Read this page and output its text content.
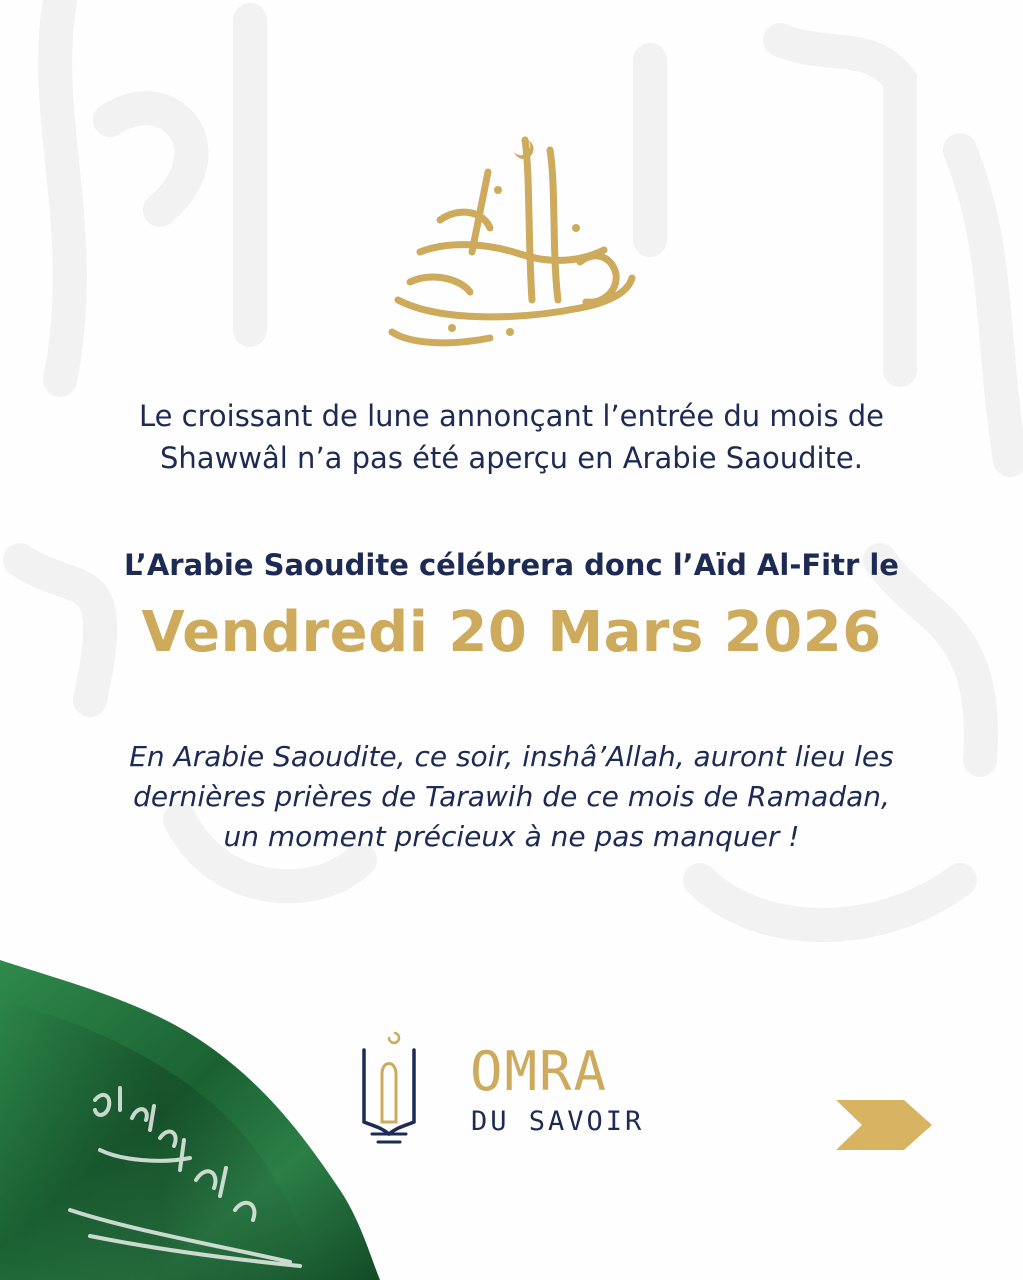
Le croissant de lune annonçant l’entrée du mois de

Shawwâl n’a pas été aperçu en Arabie Saoudite.

L’Arabie Saoudite célébrera donc l’Aïd Al-Fitr le
Vendredi 20 Mars 2026

En Arabie Saoudite, ce soir, inshâ’Allah, auront lieu les

dernières prières de Tarawih de ce mois de Ramadan,

un moment précieux à ne pas manquer !

OMRA
DU SAVOIR
